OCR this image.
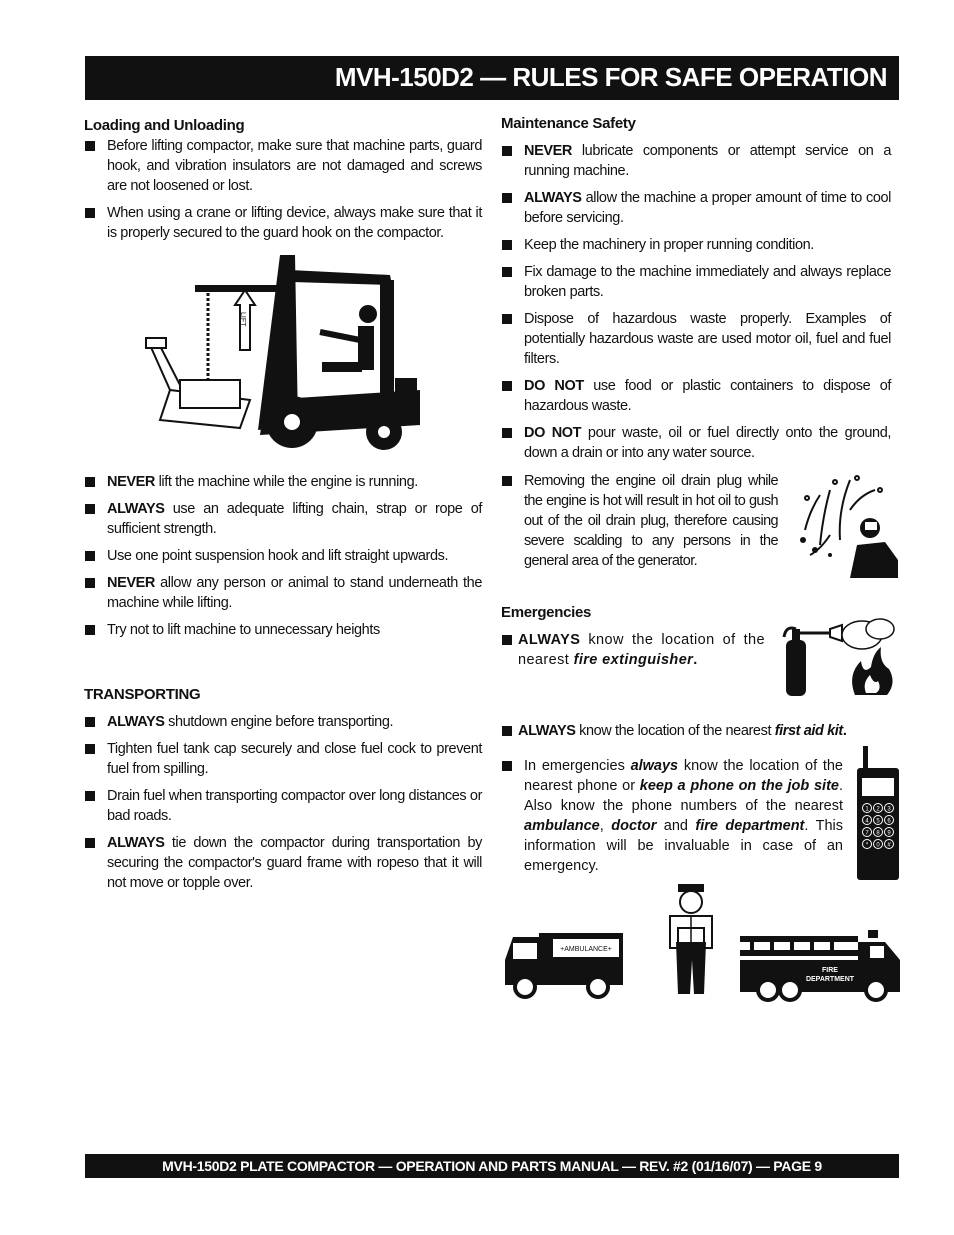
MVH-150D2 — RULES FOR SAFE OPERATION

Loading and Unloading

Before lifting compactor, make sure that machine parts, guard hook, and vibration insulators are not damaged and screws are not loosened or lost.
When using a crane or lifting device, always make sure that it is properly secured to the guard hook on the compactor.
LIFT
NEVER lift the machine while the engine is running.
ALWAYS use an adequate lifting chain, strap or rope of sufficient strength.
Use one point suspension hook and lift straight upwards.
NEVER allow any person or animal to stand underneath the machine while lifting.
Try not to lift machine to unnecessary heights

TRANSPORTING

ALWAYS shutdown engine before transporting.
Tighten fuel tank cap securely and close fuel cock to prevent fuel from spilling.
Drain fuel when transporting compactor over long distances or bad roads.
ALWAYS tie down the compactor during transportation by securing the compactor's guard frame with ropeso that it will not move or topple over.

Maintenance Safety

NEVER lubricate components or attempt service on a running machine.
ALWAYS allow the machine a proper amount of time to cool before servicing.
Keep the machinery in proper running condition.
Fix damage to the machine immediately and always replace broken parts.
Dispose of hazardous waste properly. Examples of potentially hazardous waste are used motor oil, fuel and fuel filters.
DO NOT use food or plastic containers to dispose of hazardous waste.
DO NOT pour waste, oil or fuel directly onto the ground, down a drain or into any water source.
Removing the engine oil drain plug while the engine is hot will result in hot oil to gush out of the oil drain plug, therefore causing severe scalding to any persons in the general area of the generator.

Emergencies

ALWAYS know the location of the nearest fire extinguisher.
ALWAYS know the location of the nearest first aid kit.
In emergencies always know the location of the nearest phone or keep a phone on the job site. Also know the phone numbers of the nearest ambulance, doctor and fire department. This information will be invaluable in case of an emergency.
1 2 3
4 5 6
7 8 9
* 0 #
+AMBULANCE+
FIRE
DEPARTMENT
MVH-150D2 PLATE COMPACTOR — OPERATION AND PARTS MANUAL — REV. #2 (01/16/07) — PAGE 9
